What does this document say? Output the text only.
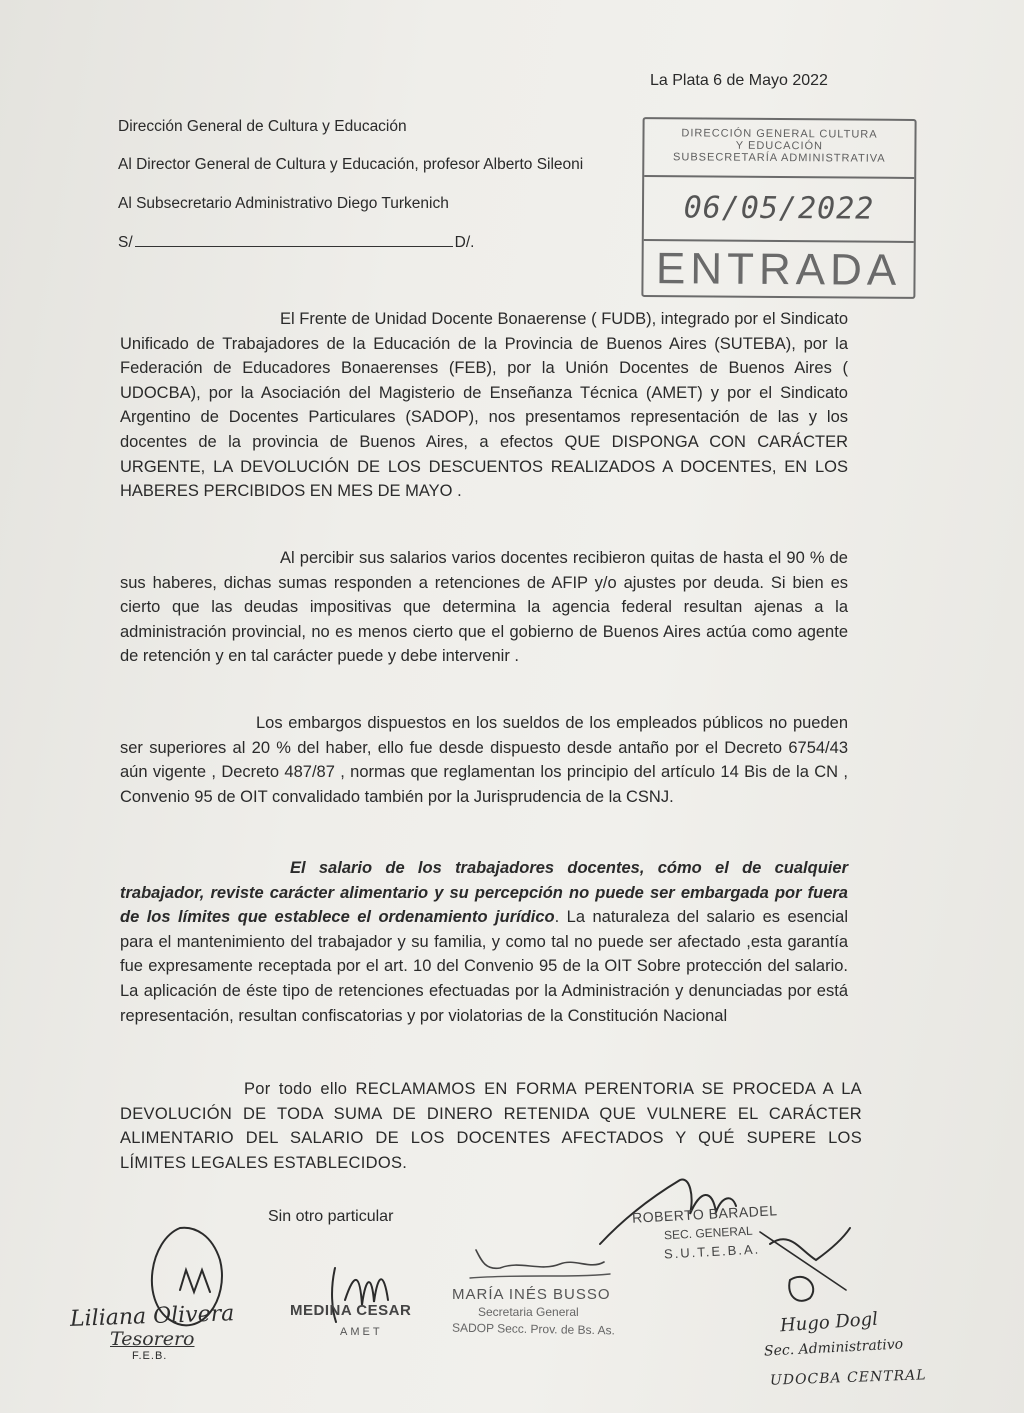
La Plata 6 de Mayo 2022
Dirección General de Cultura y Educación
Al Director General de Cultura y Educación, profesor Alberto Sileoni
Al Subsecretario Administrativo Diego Turkenich
S/	D/.
DIRECCIÓN GENERAL CULTURA
Y EDUCACIÓN
SUBSECRETARÍA ADMINISTRATIVA
06/05/2022
ENTRADA
El Frente de Unidad Docente Bonaerense ( FUDB), integrado por el Sindicato Unificado de Trabajadores de la Educación de la Provincia de Buenos Aires (SUTEBA), por la Federación de Educadores Bonaerenses (FEB), por la Unión Docentes de Buenos Aires ( UDOCBA), por la Asociación del Magisterio de Enseñanza Técnica (AMET) y por el Sindicato Argentino de Docentes Particulares (SADOP), nos presentamos representación de las y los docentes de la provincia de Buenos Aires, a efectos QUE DISPONGA CON CARÁCTER URGENTE, LA DEVOLUCIÓN DE LOS DESCUENTOS REALIZADOS A DOCENTES, EN LOS HABERES PERCIBIDOS EN MES DE MAYO .
Al percibir sus salarios varios docentes recibieron quitas de hasta el 90 % de sus haberes, dichas sumas responden a retenciones de AFIP y/o ajustes por deuda. Si bien es cierto que las deudas impositivas que determina la agencia federal resultan ajenas a la administración provincial, no es menos cierto que el gobierno de Buenos Aires actúa como agente de retención y en tal carácter puede y debe intervenir .
Los embargos dispuestos en los sueldos de los empleados públicos no pueden ser superiores al 20 % del haber, ello fue desde dispuesto desde antaño por el Decreto 6754/43 aún vigente , Decreto 487/87 , normas que reglamentan los principio del artículo 14 Bis de la CN , Convenio 95 de OIT convalidado también por la Jurisprudencia de la CSNJ.
El salario de los trabajadores docentes, cómo el de cualquier trabajador, reviste carácter alimentario y su percepción no puede ser embargada por fuera de los límites que establece el ordenamiento jurídico. La naturaleza del salario es esencial para el mantenimiento del trabajador y su familia, y como tal no puede ser afectado ,esta garantía fue expresamente receptada por el art. 10 del Convenio 95 de la OIT Sobre protección del salario. La aplicación de éste tipo de retenciones efectuadas por la Administración y denunciadas por está representación, resultan confiscatorias y por violatorias de la Constitución Nacional
Por todo ello RECLAMAMOS EN FORMA PERENTORIA SE PROCEDA A LA DEVOLUCIÓN DE TODA SUMA DE DINERO RETENIDA QUE VULNERE EL CARÁCTER ALIMENTARIO DEL SALARIO DE LOS DOCENTES AFECTADOS Y QUÉ SUPERE LOS LÍMITES LEGALES ESTABLECIDOS.
Sin otro particular
Liliana Olivera
Tesorero
F.E.B.
MEDINA CESAR
AMET
MARÍA INÉS BUSSO
Secretaria General
SADOP Secc. Prov. de Bs. As.
ROBERTO BARADEL
SEC. GENERAL
S.U.T.E.B.A.
Hugo Dogl
Sec. Administrativo
UDOCBA CENTRAL
